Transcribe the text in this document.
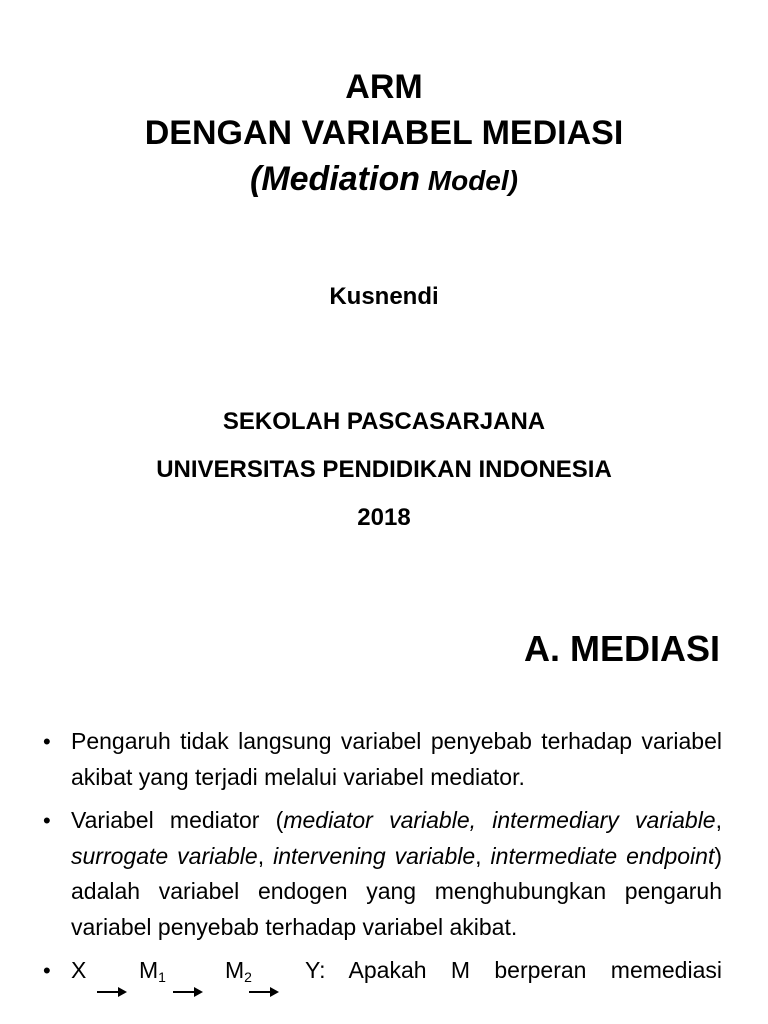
ARM
DENGAN VARIABEL MEDIASI
(Mediation Model)
Kusnendi
SEKOLAH PASCASARJANA
UNIVERSITAS PENDIDIKAN INDONESIA
2018
A. MEDIASI
• Pengaruh tidak langsung variabel penyebab terhadap variabel akibat yang terjadi melalui variabel mediator.
• Variabel mediator (mediator variable, intermediary variable, surrogate variable, intervening variable, intermediate endpoint) adalah variabel endogen yang menghubungkan pengaruh variabel penyebab terhadap variabel akibat.
• X	$M_1$	$M_2$	Y: Apakah M berperan memediasi
